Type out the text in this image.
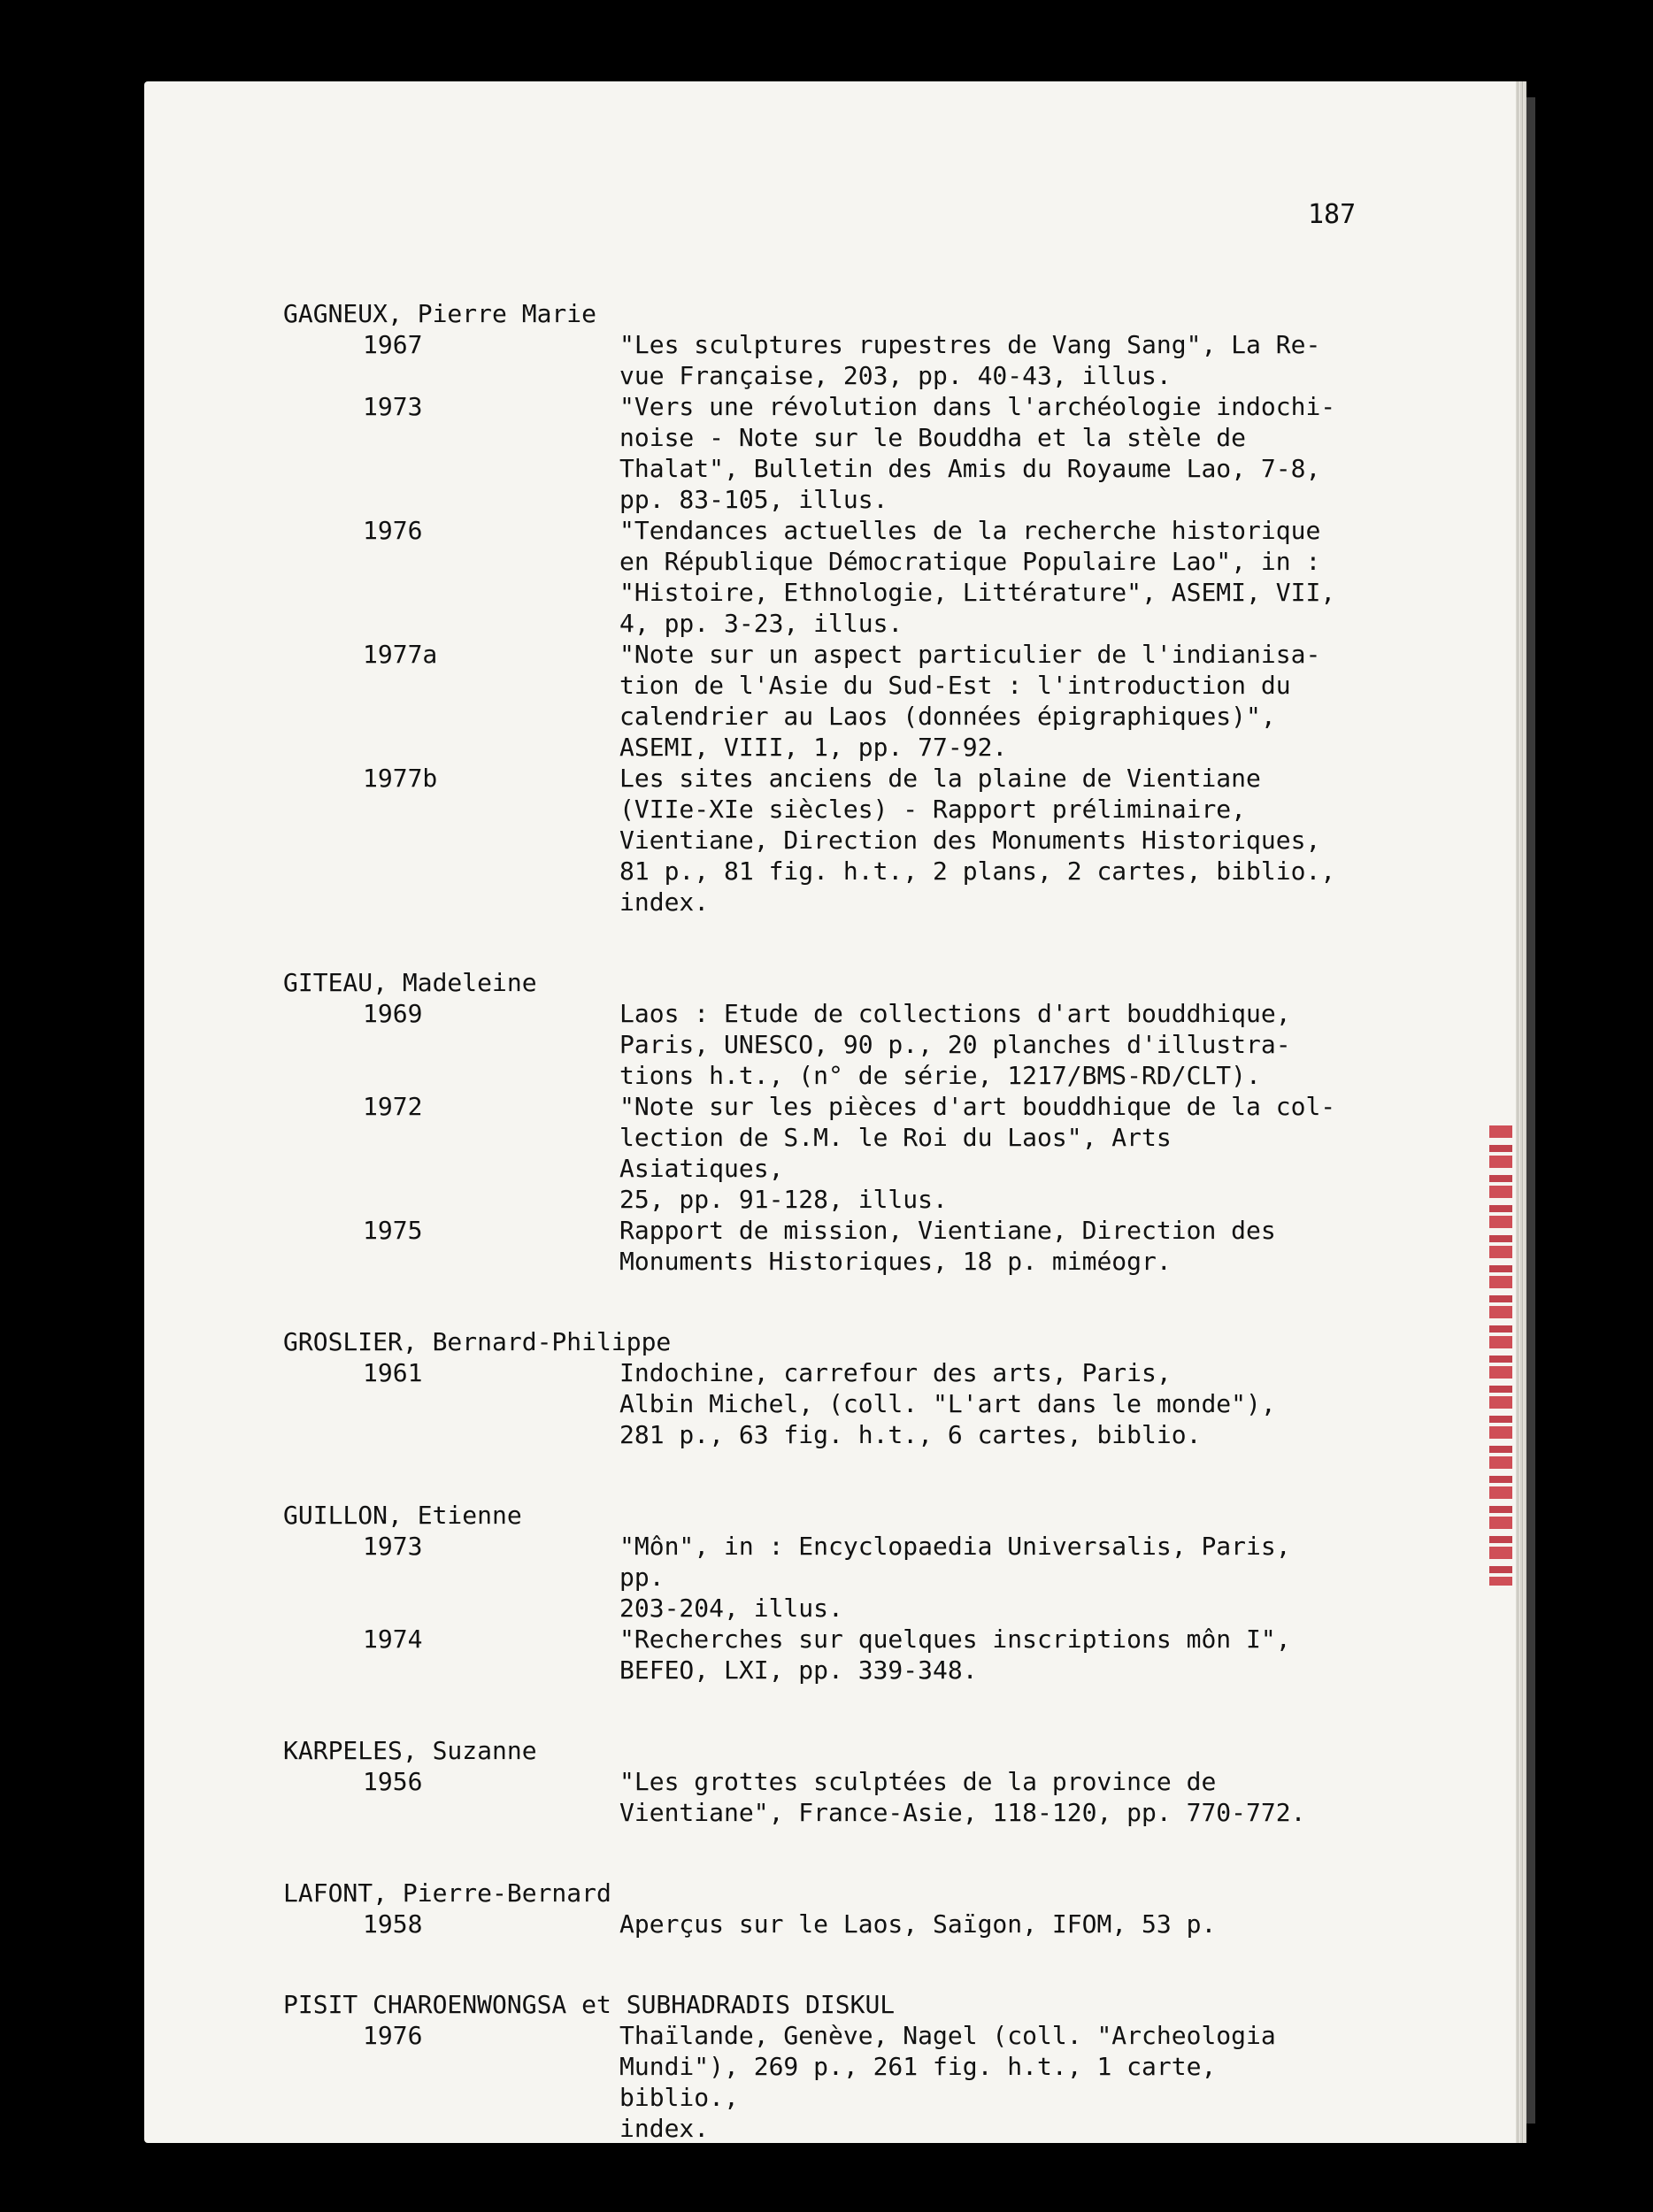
187
GAGNEUX, Pierre Marie
1967	"Les sculptures rupestres de Vang Sang", La Re-
vue Française, 203, pp. 40-43, illus.
1973	"Vers une révolution dans l'archéologie indochi-
noise - Note sur le Bouddha et la stèle de
Thalat", Bulletin des Amis du Royaume Lao, 7-8,
pp. 83-105, illus.
1976	"Tendances actuelles de la recherche historique
en République Démocratique Populaire Lao", in :
"Histoire, Ethnologie, Littérature", ASEMI, VII,
4, pp. 3-23, illus.
1977a	"Note sur un aspect particulier de l'indianisa-
tion de l'Asie du Sud-Est : l'introduction du
calendrier au Laos (données épigraphiques)",
ASEMI, VIII, 1, pp. 77-92.
1977b	Les sites anciens de la plaine de Vientiane
(VIIe-XIe siècles) - Rapport préliminaire,
Vientiane, Direction des Monuments Historiques,
81 p., 81 fig. h.t., 2 plans, 2 cartes, biblio.,
index.
GITEAU, Madeleine
1969	Laos : Etude de collections d'art bouddhique,
Paris, UNESCO, 90 p., 20 planches d'illustra-
tions h.t., (n° de série, 1217/BMS-RD/CLT).
1972	"Note sur les pièces d'art bouddhique de la col-
lection de S.M. le Roi du Laos", Arts Asiatiques,
25, pp. 91-128, illus.
1975	Rapport de mission, Vientiane, Direction des
Monuments Historiques, 18 p. miméogr.
GROSLIER, Bernard-Philippe
1961	Indochine, carrefour des arts, Paris,
Albin Michel, (coll. "L'art dans le monde"),
281 p., 63 fig. h.t., 6 cartes, biblio.
GUILLON, Etienne
1973	"Môn", in : Encyclopaedia Universalis, Paris, pp.
203-204, illus.
1974	"Recherches sur quelques inscriptions môn I",
BEFEO, LXI, pp. 339-348.
KARPELES, Suzanne
1956	"Les grottes sculptées de la province de
Vientiane", France-Asie, 118-120, pp. 770-772.
LAFONT, Pierre-Bernard
1958	Aperçus sur le Laos, Saïgon, IFOM, 53 p.
PISIT CHAROENWONGSA et SUBHADRADIS DISKUL
1976	Thaïlande, Genève, Nagel (coll. "Archeologia
Mundi"), 269 p., 261 fig. h.t., 1 carte, biblio.,
index.
